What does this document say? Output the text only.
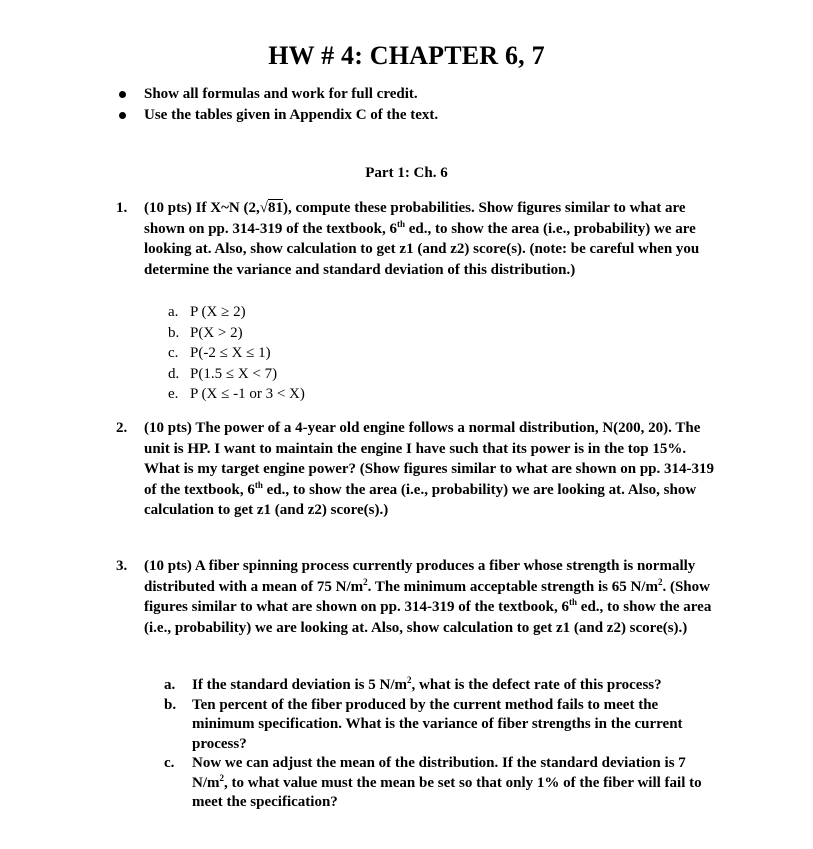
HW # 4: CHAPTER 6, 7
Show all formulas and work for full credit.
Use the tables given in Appendix C of the text.
Part 1: Ch. 6
1. (10 pts) If X~N (2,√81), compute these probabilities. Show figures similar to what are shown on pp. 314-319 of the textbook, 6th ed., to show the area (i.e., probability) we are looking at. Also, show calculation to get z1 (and z2) score(s). (note: be careful when you determine the variance and standard deviation of this distribution.)
a. P (X ≥ 2)
b. P(X > 2)
c. P(-2 ≤ X ≤ 1)
d. P(1.5 ≤ X < 7)
e. P (X ≤ -1 or 3 < X)
2. (10 pts) The power of a 4-year old engine follows a normal distribution, N(200, 20). The unit is HP. I want to maintain the engine I have such that its power is in the top 15%. What is my target engine power? (Show figures similar to what are shown on pp. 314-319 of the textbook, 6th ed., to show the area (i.e., probability) we are looking at. Also, show calculation to get z1 (and z2) score(s).)
3. (10 pts) A fiber spinning process currently produces a fiber whose strength is normally distributed with a mean of 75 $N/m^2$. The minimum acceptable strength is 65 $N/m^2$. (Show figures similar to what are shown on pp. 314-319 of the textbook, 6th ed., to show the area (i.e., probability) we are looking at. Also, show calculation to get z1 (and z2) score(s).)
a. If the standard deviation is 5 $N/m^2$, what is the defect rate of this process?
b. Ten percent of the fiber produced by the current method fails to meet the minimum specification. What is the variance of fiber strengths in the current process?
c. Now we can adjust the mean of the distribution. If the standard deviation is 7 $N/m^2$, to what value must the mean be set so that only 1% of the fiber will fail to meet the specification?
